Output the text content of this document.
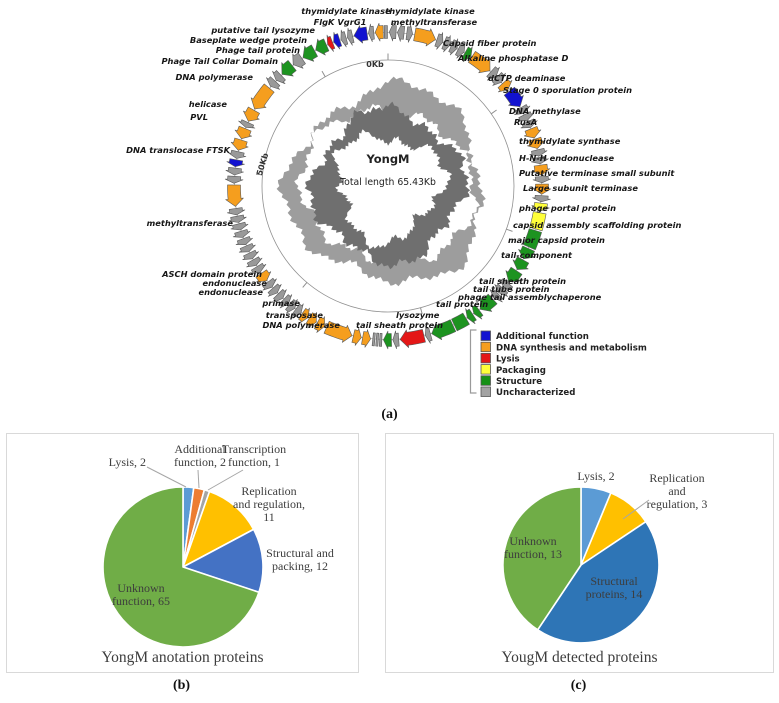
thymidylate kinase
FlgK VgrG1
thymidylate kinase
methyltransferase
putative tail lysozyme
Baseplate wedge protein
Phage tail protein
Phage Tail Collar Domain
DNA polymerase
helicase
PVL
DNA translocase FTSK
methyltransferase
ASCH domain protein
endonuclease
endonuclease
primase
transposase
DNA polymerase tail sheath protein
lysozyme
tail protein
phage tail assemblychaperone
tail tube protein
tail sheath protein
tail-component
major capsid protein
capsid assembly scaffolding protein
phage portal protein
Large subunit terminase
Putative terminase small subunit
H-N-H endonuclease
thymidylate synthase
RusA
DNA methylase
Stage 0 sporulation protein
dCTP deaminase
Alkaline phosphatase D
Capsid fiber protein
Additional function
DNA synthesis and metabolism
Lysis
Packaging
Structure
Uncharacterized
0Kb
50Kb	YongM
Total length 65.43Kb
(a)
Lysis, 2
Additional
function, 2
Transcription
function, 1
Replication
and regulation,
11
Structural and
packing, 12
Unknown
function, 65
YongM anotation proteins
(b)
Lysis, 2	Replication
and
regulation, 3
Unknown
function, 13
Structural
proteins, 14
YougM detected proteins
(c)
